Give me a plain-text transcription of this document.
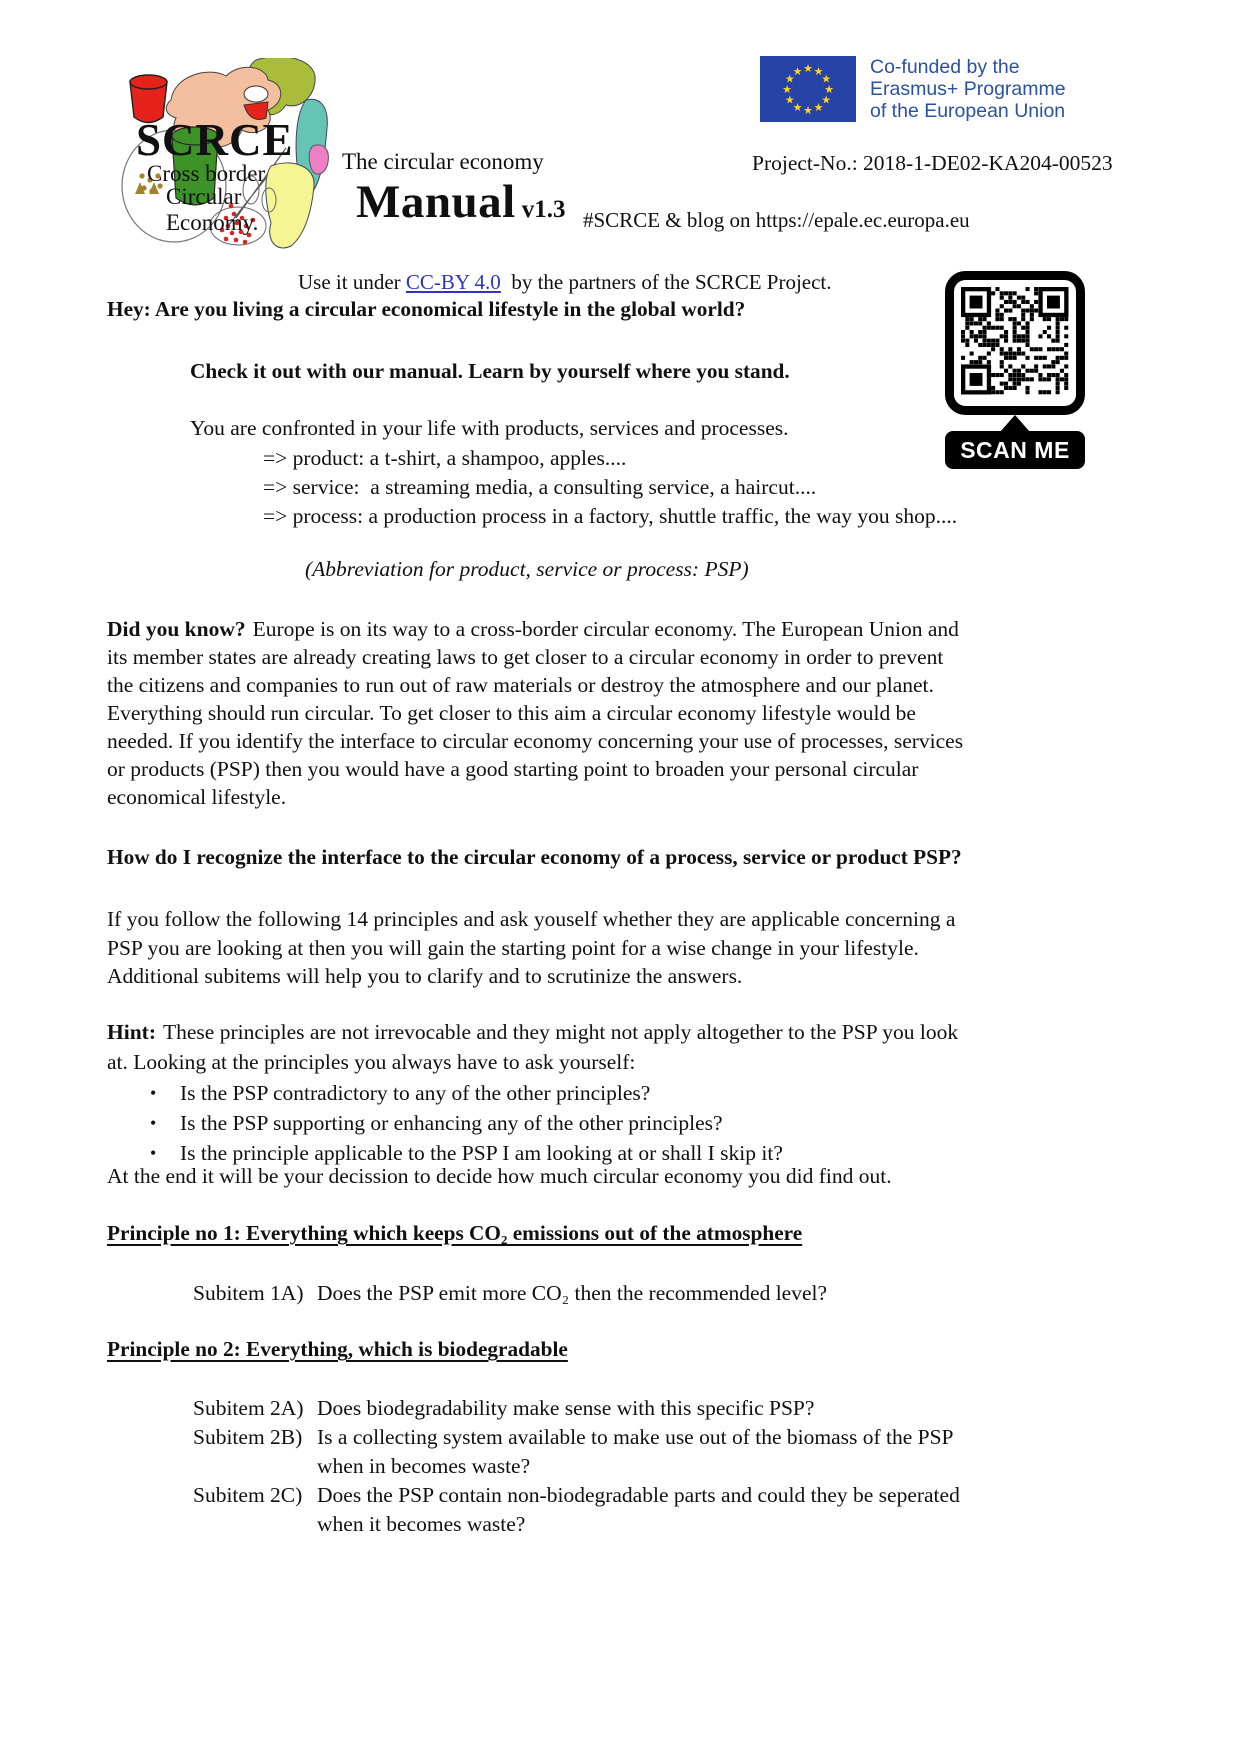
SCRCE
Cross border
Circular Economy.
★ ★
★
★
★
★
★
★
★
★
★
★	Co-funded by the
Erasmus+ Programme
of the European Union
The circular economy
Manual v1.3
Project-No.: 2018-1-DE02-KA204-00523
#SCRCE & blog on https://epale.ec.europa.eu

Use it under CC-BY 4.0  by the partners of the SCRCE Project.

SCAN ME
Hey: Are you living a circular economical lifestyle in the global world?
Check it out with our manual. Learn by yourself where you stand.
You are confronted in your life with products, services and processes.
=> product: a t-shirt, a shampoo, apples....
=> service:  a streaming media, a consulting service, a haircut....
=> process: a production process in a factory, shuttle traffic, the way you shop....
(Abbreviation for product, service or process: PSP)
Did you know? Europe is on its way to a cross-border circular economy. The European Union and
its member states are already creating laws to get closer to a circular economy in order to prevent
the citizens and companies to run out of raw materials or destroy the atmosphere and our planet.
Everything should run circular. To get closer to this aim a circular economy lifestyle would be
needed. If you identify the interface to circular economy concerning your use of processes, services
or products (PSP) then you would have a good starting point to broaden your personal circular
economical lifestyle.
How do I recognize the interface to the circular economy of a process, service or product PSP?
If you follow the following 14 principles and ask youself whether they are applicable concerning a
PSP you are looking at then you will gain the starting point for a wise change in your lifestyle.
Additional subitems will help you to clarify and to scrutinize the answers.
Hint: These principles are not irrevocable and they might not apply altogether to the PSP you look
at. Looking at the principles you always have to ask yourself:
• Is the PSP contradictory to any of the other principles?
• Is the PSP supporting or enhancing any of the other principles?
• Is the principle applicable to the PSP I am looking at or shall I skip it?
At the end it will be your decission to decide how much circular economy you did find out.
Principle no 1: Everything which keeps CO₂ emissions out of the atmosphere
Subitem 1A) Does the PSP emit more CO₂ then the recommended level?
Principle no 2: Everything, which is biodegradable
Subitem 2A) Does biodegradability make sense with this specific PSP?
Subitem 2B) Is a collecting system available to make use out of the biomass of the PSP
when in becomes waste?
Subitem 2C) Does the PSP contain non-biodegradable parts and could they be seperated
when it becomes waste?
